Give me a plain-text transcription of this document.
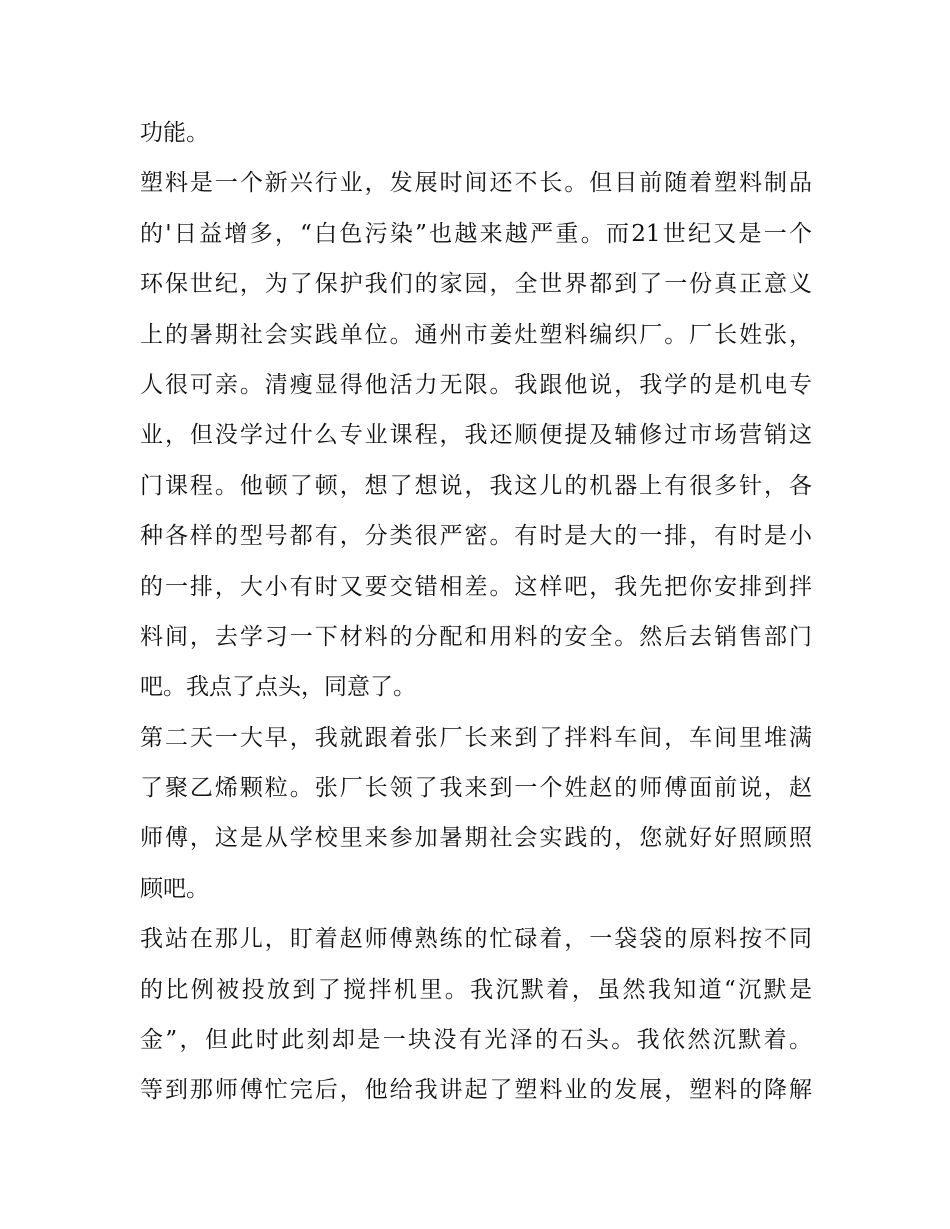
功能。
塑料是一个新兴行业，发展时间还不长。但目前随着塑料制品
的'日益增多，“白色污染”也越来越严重。而21世纪又是一个
环保世纪，为了保护我们的家园，全世界都到了一份真正意义
上的暑期社会实践单位。通州市姜灶塑料编织厂。厂长姓张，
人很可亲。清瘦显得他活力无限。我跟他说，我学的是机电专
业，但没学过什么专业课程，我还顺便提及辅修过市场营销这
门课程。他顿了顿，想了想说，我这儿的机器上有很多针，各
种各样的型号都有，分类很严密。有时是大的一排，有时是小
的一排，大小有时又要交错相差。这样吧，我先把你安排到拌
料间，去学习一下材料的分配和用料的安全。然后去销售部门
吧。我点了点头，同意了。
第二天一大早，我就跟着张厂长来到了拌料车间，车间里堆满
了聚乙烯颗粒。张厂长领了我来到一个姓赵的师傅面前说，赵
师傅，这是从学校里来参加暑期社会实践的，您就好好照顾照
顾吧。
我站在那儿，盯着赵师傅熟练的忙碌着，一袋袋的原料按不同
的比例被投放到了搅拌机里。我沉默着，虽然我知道“沉默是
金”，但此时此刻却是一块没有光泽的石头。我依然沉默着。
等到那师傅忙完后，他给我讲起了塑料业的发展，塑料的降解
